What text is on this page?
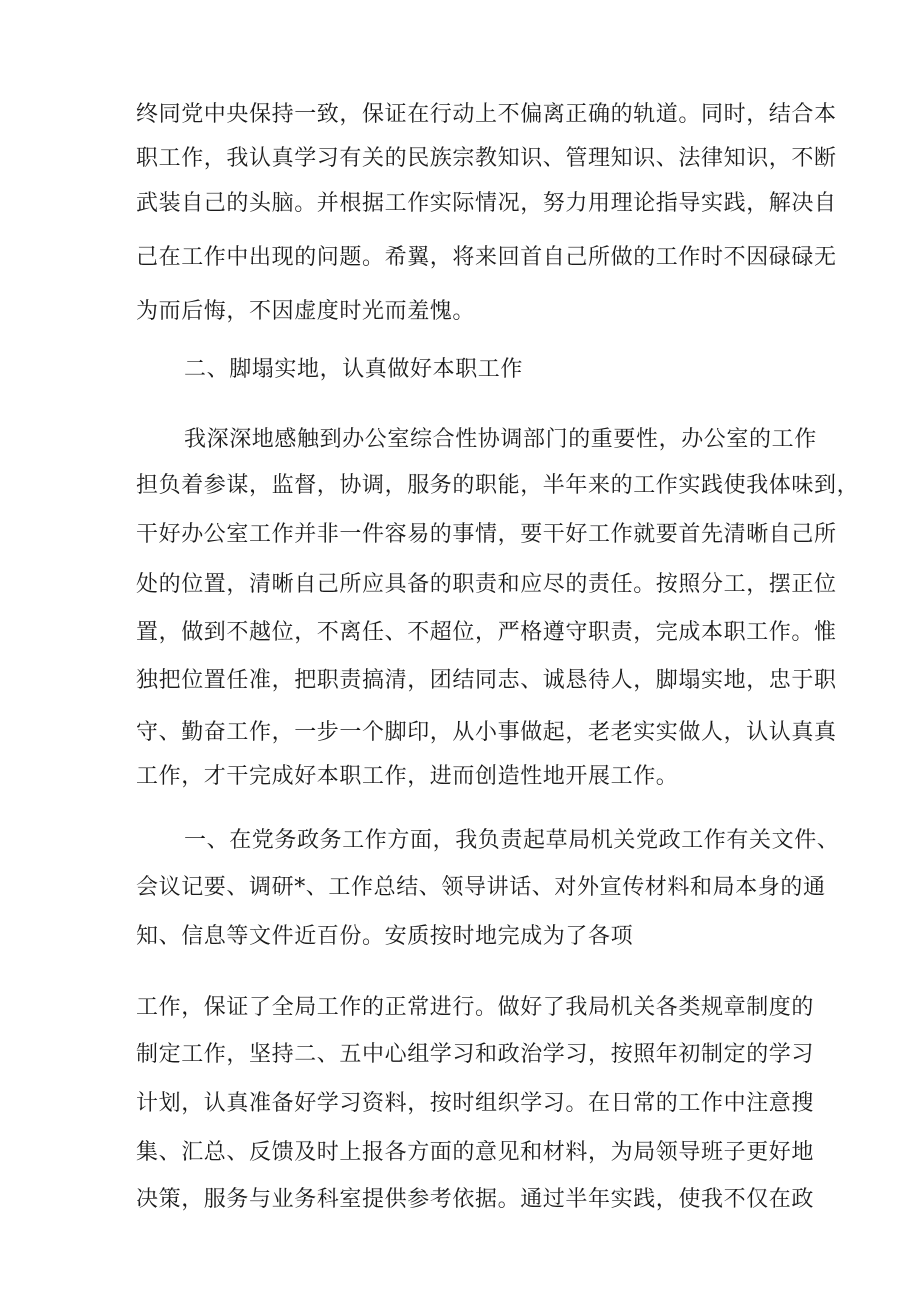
终同党中央保持一致，保证在行动上不偏离正确的轨道。同时，结合本
职工作，我认真学习有关的民族宗教知识、管理知识、法律知识，不断
武装自己的头脑。并根据工作实际情况，努力用理论指导实践，解决自
己在工作中出现的问题。希翼，将来回首自己所做的工作时不因碌碌无
为而后悔，不因虚度时光而羞愧。
二、脚塌实地，认真做好本职工作
我深深地感触到办公室综合性协调部门的重要性，办公室的工作
担负着参谋，监督，协调，服务的职能，半年来的工作实践使我体味到，
干好办公室工作并非一件容易的事情，要干好工作就要首先清晰自己所
处的位置，清晰自己所应具备的职责和应尽的责任。按照分工，摆正位
置，做到不越位，不离任、不超位，严格遵守职责，完成本职工作。惟
独把位置任准，把职责搞清，团结同志、诚恳待人，脚塌实地，忠于职
守、勤奋工作，一步一个脚印，从小事做起，老老实实做人，认认真真
工作，才干完成好本职工作，进而创造性地开展工作。
一、在党务政务工作方面，我负责起草局机关党政工作有关文件、
会议记要、调研*、工作总结、领导讲话、对外宣传材料和局本身的通
知、信息等文件近百份。安质按时地完成为了各项
工作，保证了全局工作的正常进行。做好了我局机关各类规章制度的
制定工作，坚持二、五中心组学习和政治学习，按照年初制定的学习
计划，认真准备好学习资料，按时组织学习。在日常的工作中注意搜
集、汇总、反馈及时上报各方面的意见和材料，为局领导班子更好地
决策，服务与业务科室提供参考依据。通过半年实践，使我不仅在政
